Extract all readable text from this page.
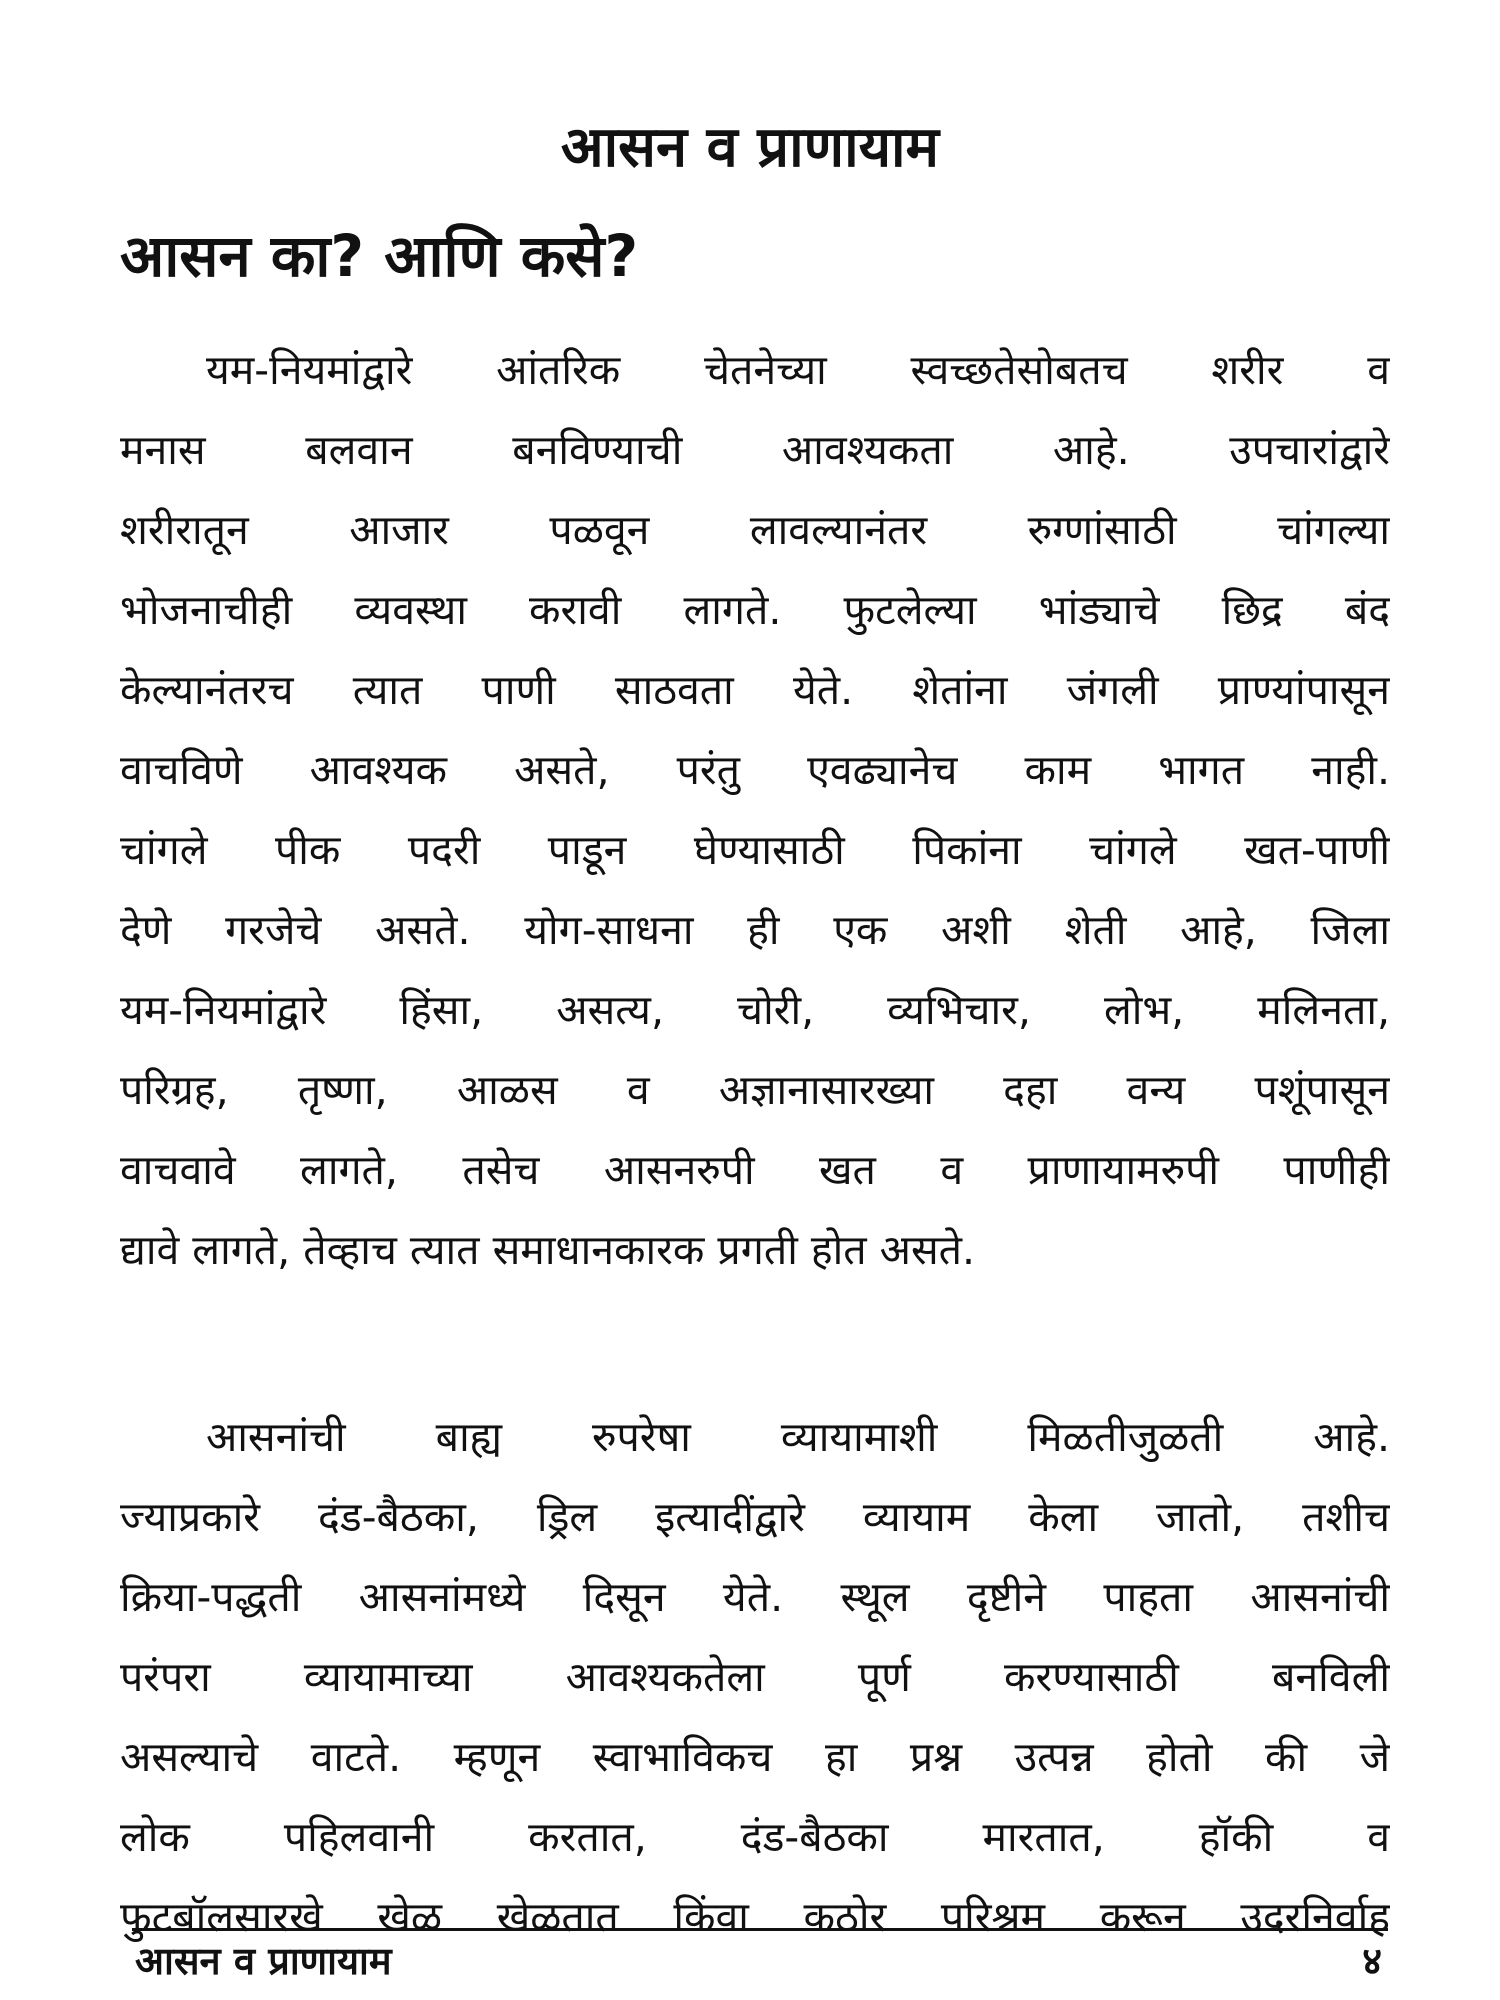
आसन व प्राणायाम
आसन का? आणि कसे?
यम-नियमांद्वारे आंतरिक चेतनेच्या स्वच्छतेसोबतच शरीर व
मनास बलवान बनविण्याची आवश्यकता आहे. उपचारांद्वारे
शरीरातून आजार पळवून लावल्यानंतर रुग्णांसाठी चांगल्या
भोजनाचीही व्यवस्था करावी लागते. फुटलेल्या भांड्याचे छिद्र बंद
केल्यानंतरच त्यात पाणी साठवता येते. शेतांना जंगली प्राण्यांपासून
वाचविणे आवश्यक असते, परंतु एवढ्यानेच काम भागत नाही.
चांगले पीक पदरी पाडून घेण्यासाठी पिकांना चांगले खत-पाणी
देणे गरजेचे असते. योग-साधना ही एक अशी शेती आहे, जिला
यम-नियमांद्वारे हिंसा, असत्य, चोरी, व्यभिचार, लोभ, मलिनता,
परिग्रह, तृष्णा, आळस व अज्ञानासारख्या दहा वन्य पशूंपासून
वाचवावे लागते, तसेच आसनरुपी खत व प्राणायामरुपी पाणीही
द्यावे लागते, तेव्हाच त्यात समाधानकारक प्रगती होत असते.
आसनांची बाह्य रुपरेषा व्यायामाशी मिळतीजुळती आहे.
ज्याप्रकारे दंड-बैठका, ड्रिल इत्यादींद्वारे व्यायाम केला जातो, तशीच
क्रिया-पद्धती आसनांमध्ये दिसून येते. स्थूल दृष्टीने पाहता आसनांची
परंपरा व्यायामाच्या आवश्यकतेला पूर्ण करण्यासाठी बनविली
असल्याचे वाटते. म्हणून स्वाभाविकच हा प्रश्न उत्पन्न होतो की जे
लोक पहिलवानी करतात, दंड-बैठका मारतात, हॉकी व
फुटबॉलसारखे खेळ खेळतात किंवा कठोर परिश्रम करून उदरनिर्वाह
आसन व प्राणायाम	४
